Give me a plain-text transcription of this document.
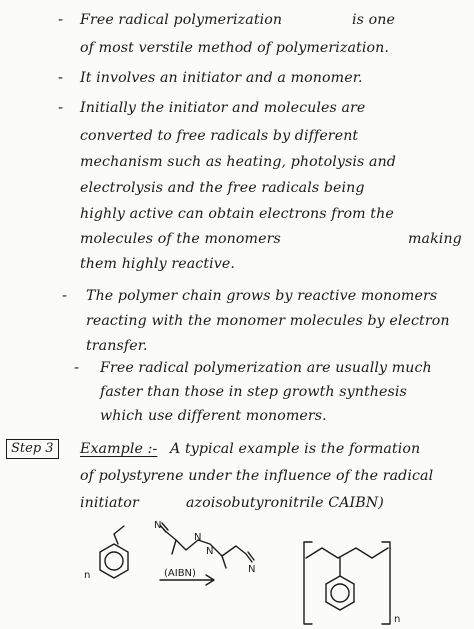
- Free radical polymerization	is one
of most verstile method of polymerization.
- It involves an initiator and a monomer.
- Initially the initiator and molecules are
converted to free radicals by different
mechanism such as heating, photolysis and
electrolysis and the free radicals being
highly active can obtain electrons from the
molecules of the monomers	making
them highly reactive.
- The polymer chain grows by reactive monomers
reacting with the monomer molecules by electron
transfer.
- Free radical polymerization are usually much
faster than those in step growth synthesis
which use different monomers.
Step 3	Example :- A typical example is the formation
of polystyrene under the influence of the radical
initiator	azoisobutyronitrile CAIBN)
n	(AIBN)
n
N
N
N
N
